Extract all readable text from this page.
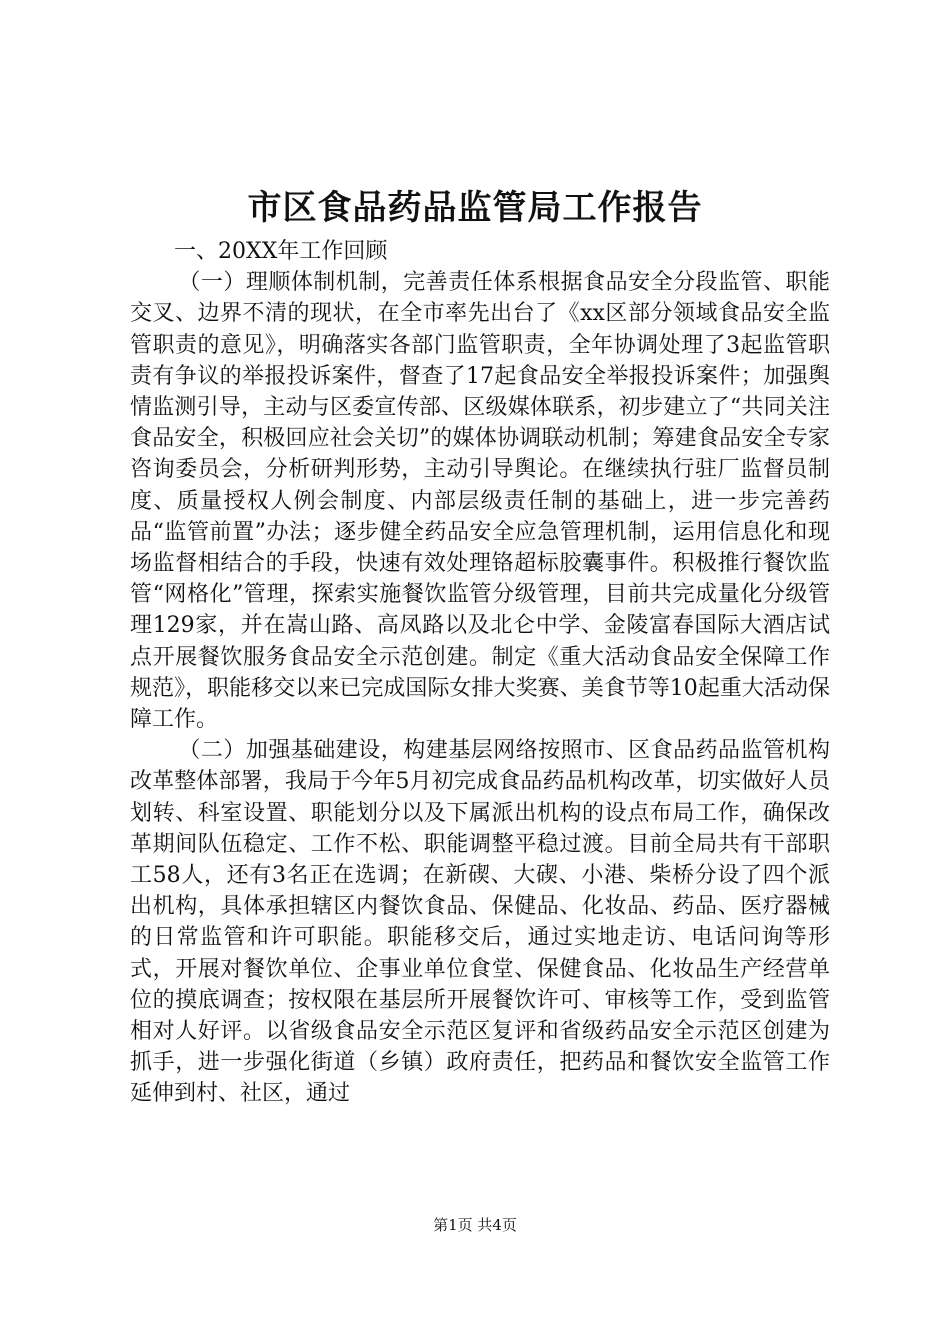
市区食品药品监管局工作报告

一、20XX年工作回顾

（一）理顺体制机制，完善责任体系根据食品安全分段监管、职能交叉、边界不清的现状，在全市率先出台了《xx区部分领域食品安全监管职责的意见》，明确落实各部门监管职责，全年协调处理了3起监管职责有争议的举报投诉案件，督查了17起食品安全举报投诉案件；加强舆情监测引导，主动与区委宣传部、区级媒体联系，初步建立了“共同关注食品安全，积极回应社会关切”的媒体协调联动机制；筹建食品安全专家咨询委员会，分析研判形势，主动引导舆论。在继续执行驻厂监督员制度、质量授权人例会制度、内部层级责任制的基础上，进一步完善药品“监管前置”办法；逐步健全药品安全应急管理机制，运用信息化和现场监督相结合的手段，快速有效处理铬超标胶囊事件。积极推行餐饮监管“网格化”管理，探索实施餐饮监管分级管理，目前共完成量化分级管理129家，并在嵩山路、高凤路以及北仑中学、金陵富春国际大酒店试点开展餐饮服务食品安全示范创建。制定《重大活动食品安全保障工作规范》，职能移交以来已完成国际女排大奖赛、美食节等10起重大活动保障工作。

（二）加强基础建设，构建基层网络按照市、区食品药品监管机构改革整体部署，我局于今年5月初完成食品药品机构改革，切实做好人员划转、科室设置、职能划分以及下属派出机构的设点布局工作，确保改革期间队伍稳定、工作不松、职能调整平稳过渡。目前全局共有干部职工58人，还有3名正在选调；在新碶、大碶、小港、柴桥分设了四个派出机构，具体承担辖区内餐饮食品、保健品、化妆品、药品、医疗器械的日常监管和许可职能。职能移交后，通过实地走访、电话问询等形式，开展对餐饮单位、企事业单位食堂、保健食品、化妆品生产经营单位的摸底调查；按权限在基层所开展餐饮许可、审核等工作，受到监管相对人好评。以省级食品安全示范区复评和省级药品安全示范区创建为抓手，进一步强化街道（乡镇）政府责任，把药品和餐饮安全监管工作延伸到村、社区，通过

第1页 共4页
